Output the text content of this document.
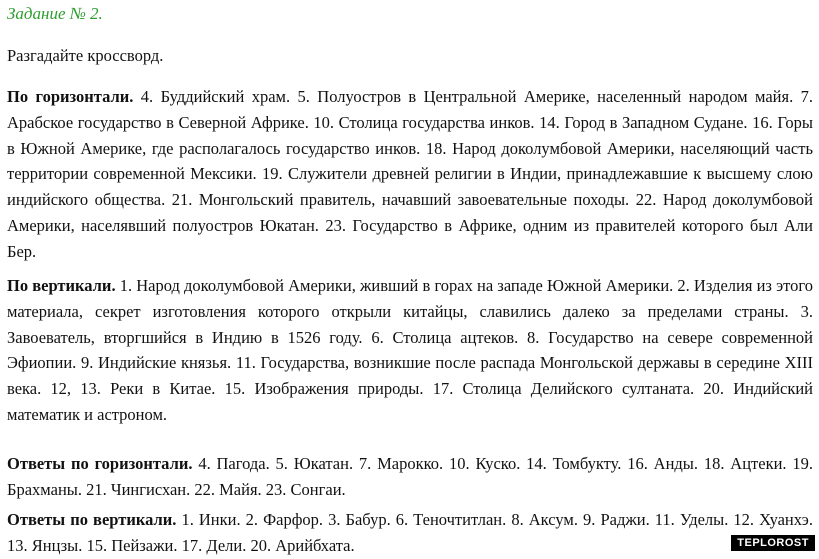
Задание № 2.
Разгадайте кроссворд.

По горизонтали. 4. Буддийский храм. 5. Полуостров в Центральной Америке, населенный народом майя. 7. Арабское государство в Северной Африке. 10. Столица государства инков. 14. Город в Западном Судане. 16. Горы в Южной Америке, где располагалось государство инков. 18. Народ доколумбовой Америки, населяющий часть территории современной Мексики. 19. Служители древней религии в Индии, принадлежавшие к высшему слою индийского общества. 21. Монгольский правитель, начавший завоевательные походы. 22. Народ доколумбовой Америки, населявший полуостров Юкатан. 23. Государство в Африке, одним из правителей которого был Али Бер.

По вертикали. 1. Народ доколумбовой Америки, живший в горах на западе Южной Америки. 2. Изделия из этого материала, секрет изготовления которого открыли китайцы, славились далеко за пределами страны. 3. Завоеватель, вторгшийся в Индию в 1526 году. 6. Столица ацтеков. 8. Государство на севере современной Эфиопии. 9. Индийские князья. 11. Государства, возникшие после распада Монгольской державы в середине XIII века. 12, 13. Реки в Китае. 15. Изображения природы. 17. Столица Делийского султаната. 20. Индийский математик и астроном.

Ответы по горизонтали. 4. Пагода. 5. Юкатан. 7. Марокко. 10. Куско. 14. Томбукту. 16. Анды. 18. Ацтеки. 19. Брахманы. 21. Чингисхан. 22. Майя. 23. Сонгаи.

Ответы по вертикали. 1. Инки. 2. Фарфор. 3. Бабур. 6. Теночтитлан. 8. Аксум. 9. Раджи. 11. Уделы. 12. Хуанхэ. 13. Янцзы. 15. Пейзажи. 17. Дели. 20. Арийбхата.	TEPLOROST
